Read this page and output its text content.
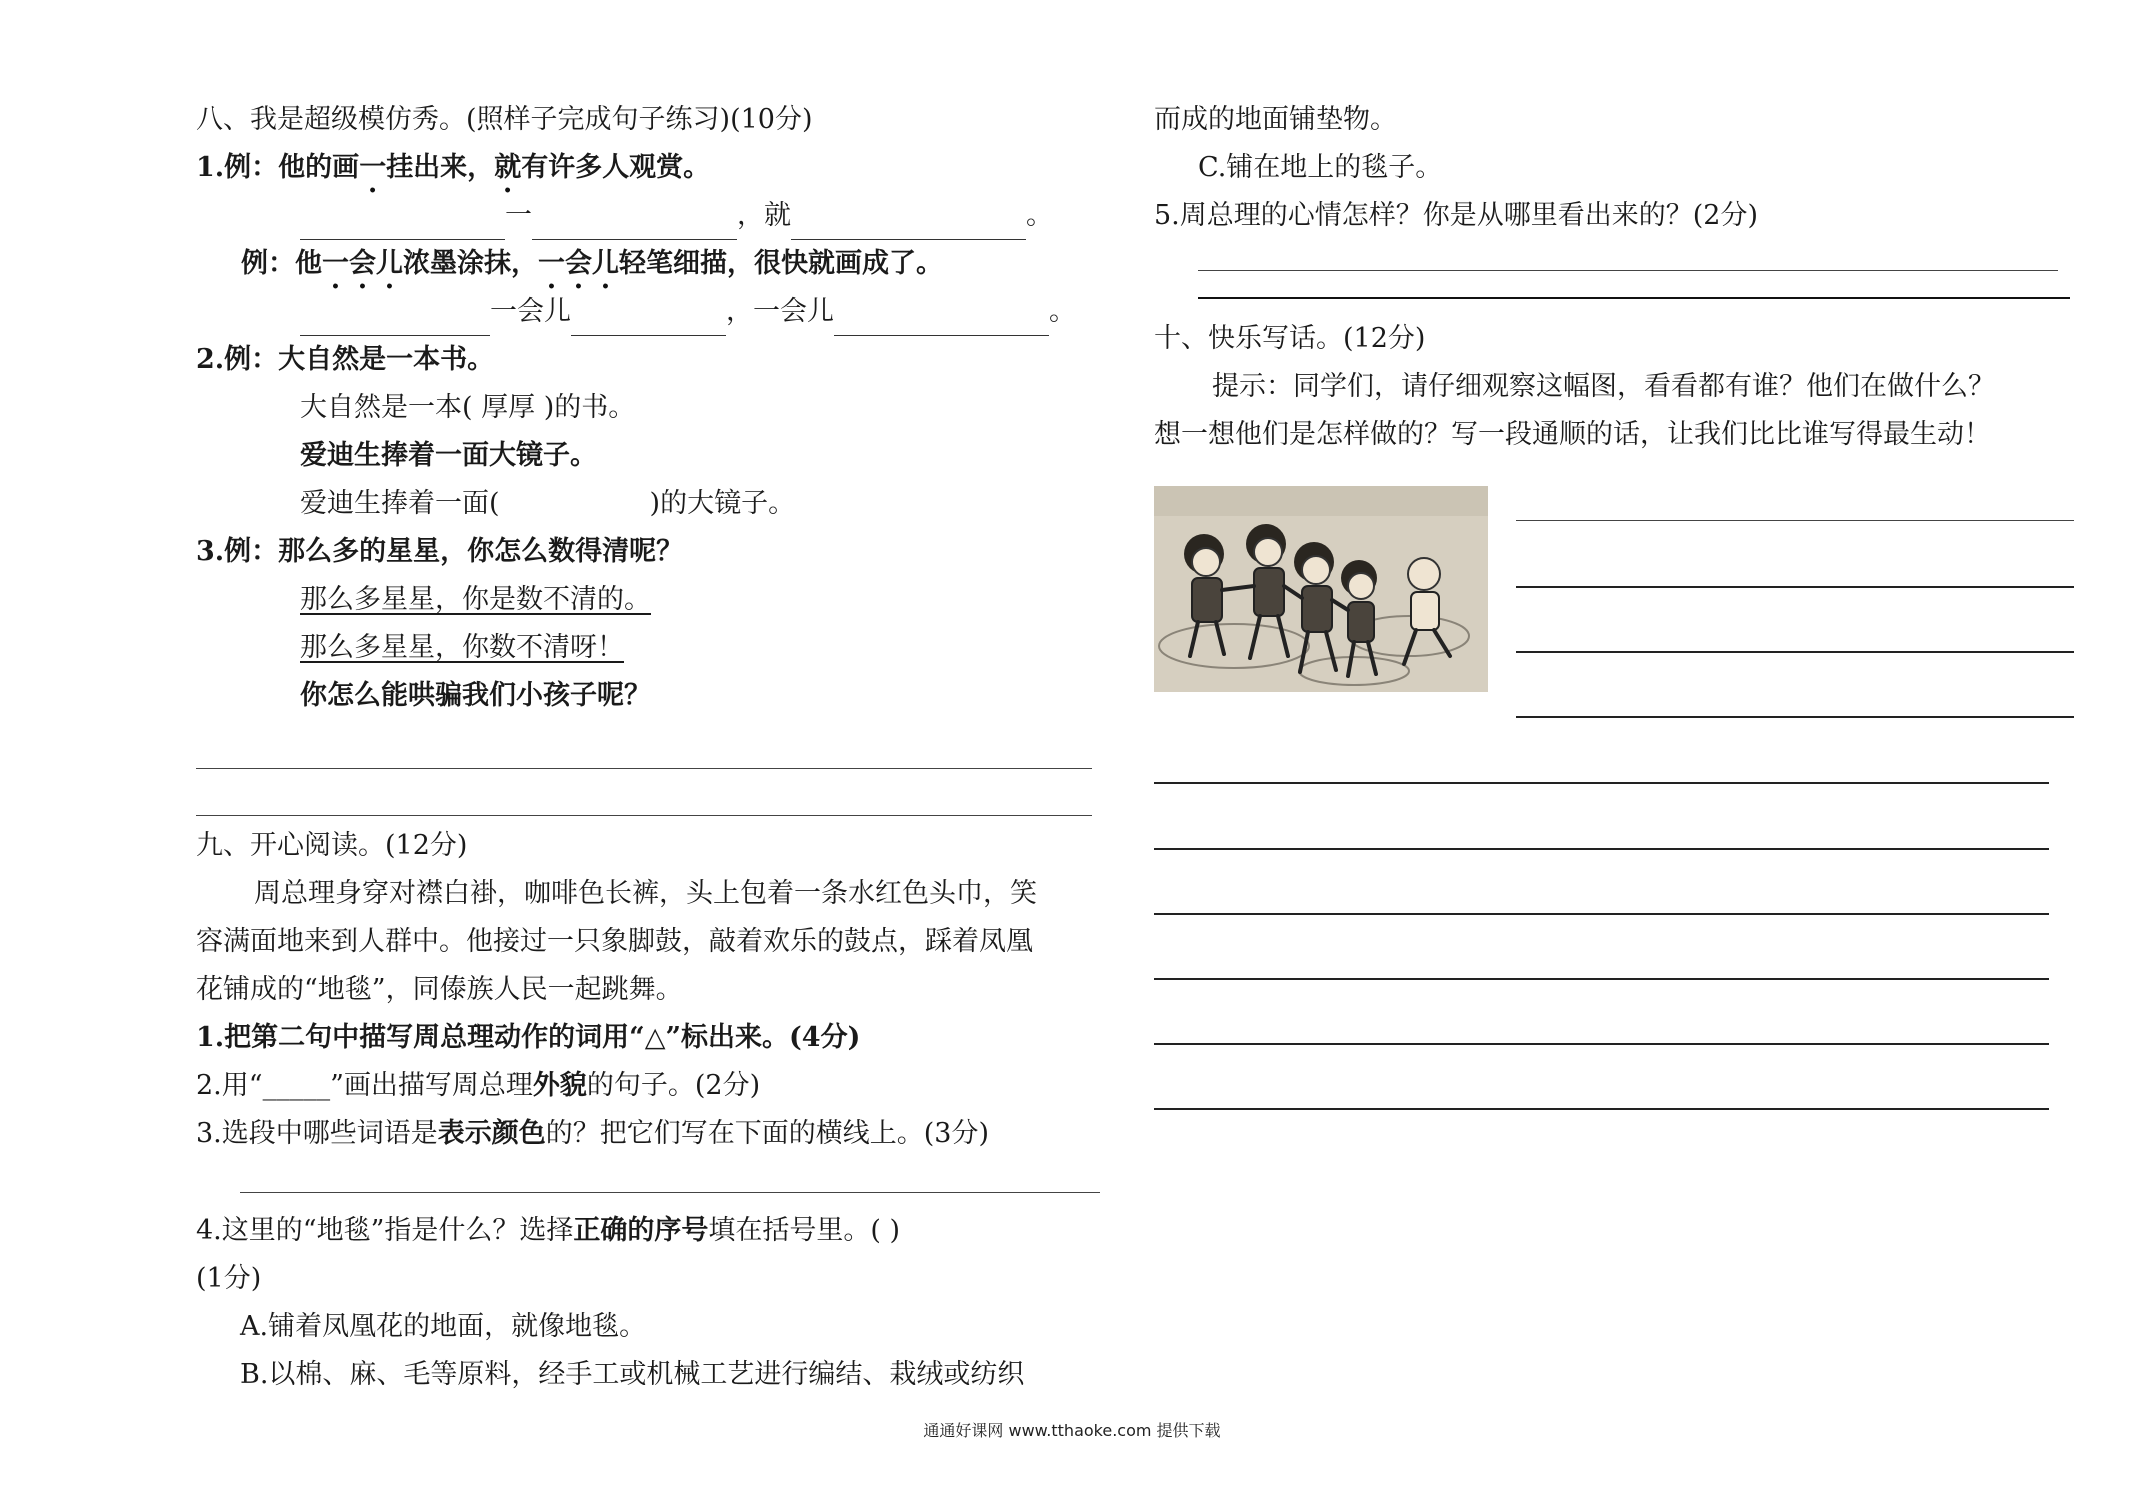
八、我是超级模仿秀。(照样子完成句子练习)(10分)
1.例：他的画一挂出来，就有许多人观赏。
一	，就	。
例：他一会儿浓墨涂抹，一会儿轻笔细描，很快就画成了。
一会儿	，一会儿	。
2.例：大自然是一本书。
大自然是一本( 厚厚 )的书。
爱迪生捧着一面大镜子。
爱迪生捧着一面(	)的大镜子。
3.例：那么多的星星，你怎么数得清呢？
那么多星星，你是数不清的。
那么多星星，你数不清呀！
你怎么能哄骗我们小孩子呢？
九、开心阅读。(12分)
周总理身穿对襟白褂，咖啡色长裤，头上包着一条水红色头巾，笑
容满面地来到人群中。他接过一只象脚鼓，敲着欢乐的鼓点，踩着凤凰
花铺成的“地毯”，同傣族人民一起跳舞。
1.把第二句中描写周总理动作的词用“△”标出来。(4分)
2.用“_____”画出描写周总理外貌的句子。(2分)
3.选段中哪些词语是表示颜色的？把它们写在下面的横线上。(3分)
4.这里的“地毯”指是什么？选择正确的序号填在括号里。( )
(1分)
A.铺着凤凰花的地面，就像地毯。
B.以棉、麻、毛等原料，经手工或机械工艺进行编结、栽绒或纺织
而成的地面铺垫物。
C.铺在地上的毯子。
5.周总理的心情怎样？你是从哪里看出来的？(2分)
十、快乐写话。(12分)
提示：同学们，请仔细观察这幅图，看看都有谁？他们在做什么？
想一想他们是怎样做的？写一段通顺的话，让我们比比谁写得最生动！
通通好课网 www.tthaoke.com 提供下载
